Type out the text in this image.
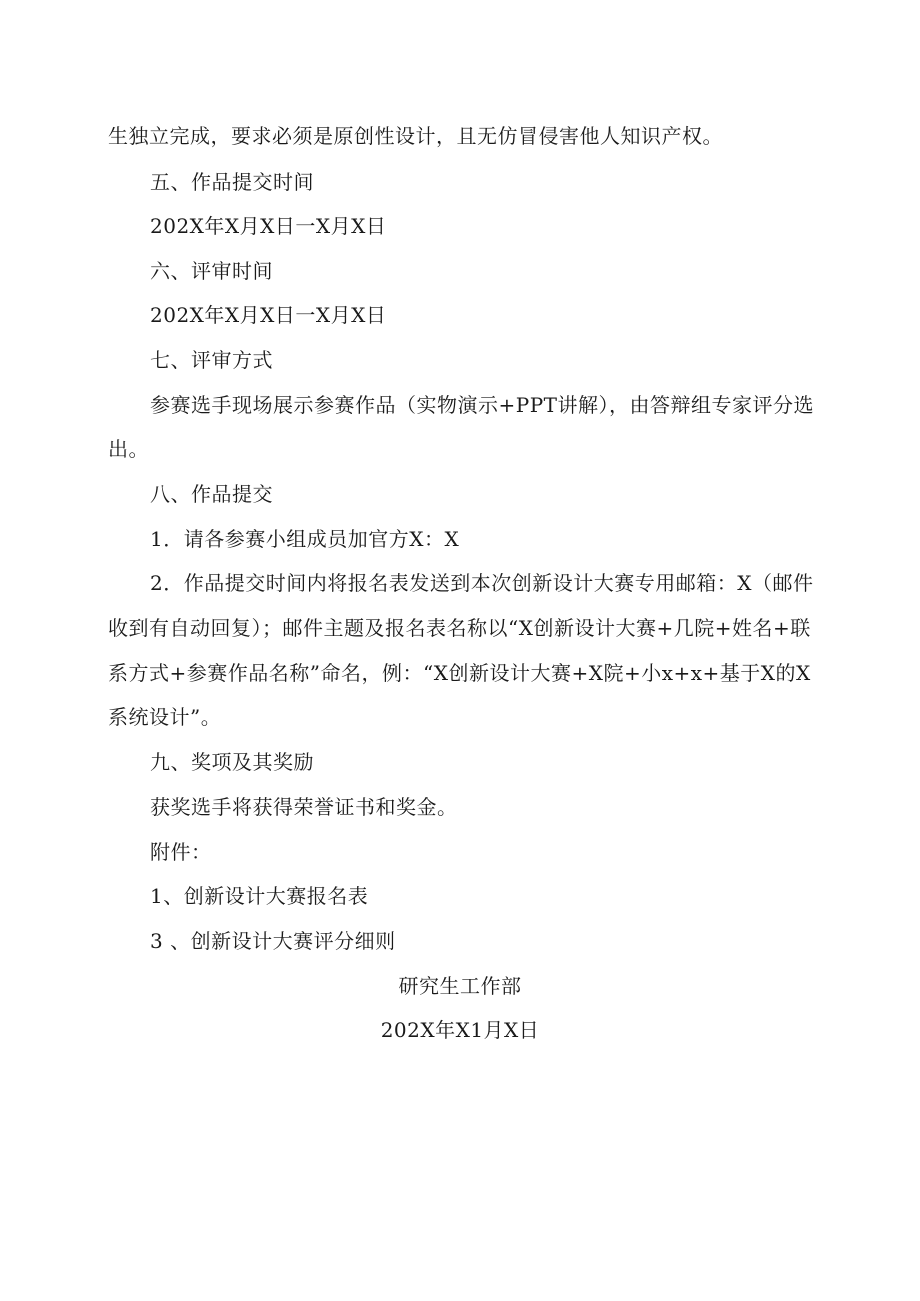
生独立完成，要求必须是原创性设计，且无仿冒侵害他人知识产权。
五、作品提交时间
202X年X月X日一X月X日
六、评审时间
202X年X月X日一X月X日
七、评审方式
参赛选手现场展示参赛作品（实物演示+PPT讲解），由答辩组专家评分选
出。
八、作品提交
1．请各参赛小组成员加官方X：X
2．作品提交时间内将报名表发送到本次创新设计大赛专用邮箱：X（邮件
收到有自动回复）；邮件主题及报名表名称以“X创新设计大赛+几院+姓名+联
系方式+参赛作品名称”命名，例：“X创新设计大赛+X院+小x+x+基于X的X
系统设计”。
九、奖项及其奖励
获奖选手将获得荣誉证书和奖金。
附件：
1、创新设计大赛报名表
3 、创新设计大赛评分细则
研究生工作部
202X年X1月X日
